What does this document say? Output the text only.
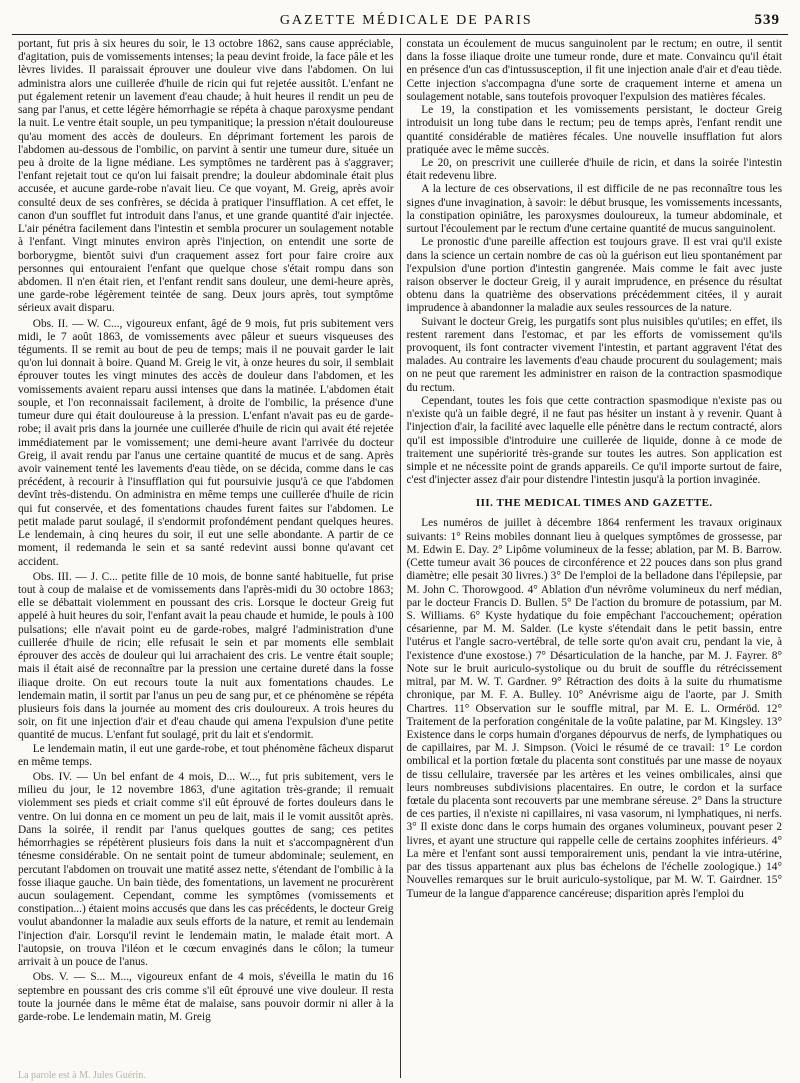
GAZETTE MÉDICALE DE PARIS	539

portant, fut pris à six heures du soir, le 13 octobre 1862, sans cause appréciable, d'agitation, puis de vomissements intenses; la peau devint froide, la face pâle et les lèvres livides. Il paraissait éprouver une douleur vive dans l'abdomen. On lui administra alors une cuillerée d'huile de ricin qui fut rejetée aussitôt. L'enfant ne put également retenir un lavement d'eau chaude; à huit heures il rendit un peu de sang par l'anus, et cette légère hémorrhagie se répéta à chaque paroxysme pendant la nuit. Le ventre était souple, un peu tympanitique; la pression n'était douloureuse qu'au moment des accès de douleurs. En déprimant fortement les parois de l'abdomen au-dessous de l'ombilic, on parvint à sentir une tumeur dure, située un peu à droite de la ligne médiane. Les symptômes ne tardèrent pas à s'aggraver; l'enfant rejetait tout ce qu'on lui faisait prendre; la douleur abdominale était plus accusée, et aucune garde-robe n'avait lieu. Ce que voyant, M. Greig, après avoir consulté deux de ses confrères, se décida à pratiquer l'insufflation. A cet effet, le canon d'un soufflet fut introduit dans l'anus, et une grande quantité d'air injectée. L'air pénétra facilement dans l'intestin et sembla procurer un soulagement notable à l'enfant. Vingt minutes environ après l'injection, on entendit une sorte de borborygme, bientôt suivi d'un craquement assez fort pour faire croire aux personnes qui entouraient l'enfant que quelque chose s'était rompu dans son abdomen. Il n'en était rien, et l'enfant rendit sans douleur, une demi-heure après, une garde-robe légèrement teintée de sang. Deux jours après, tout symptôme sérieux avait disparu.

Obs. II. — W. C..., vigoureux enfant, âgé de 9 mois, fut pris subitement vers midi, le 7 août 1863, de vomissements avec pâleur et sueurs visqueuses des téguments. Il se remit au bout de peu de temps; mais il ne pouvait garder le lait qu'on lui donnait à boire. Quand M. Greig le vit, à onze heures du soir, il semblait éprouver toutes les vingt minutes des accès de douleur dans l'abdomen, et les vomissements avaient reparu aussi intenses que dans la matinée. L'abdomen était souple, et l'on reconnaissait facilement, à droite de l'ombilic, la présence d'une tumeur dure qui était douloureuse à la pression. L'enfant n'avait pas eu de garde-robe; il avait pris dans la journée une cuillerée d'huile de ricin qui avait été rejetée immédiatement par le vomissement; une demi-heure avant l'arrivée du docteur Greig, il avait rendu par l'anus une certaine quantité de mucus et de sang. Après avoir vainement tenté les lavements d'eau tiède, on se décida, comme dans le cas précédent, à recourir à l'insufflation qui fut poursuivie jusqu'à ce que l'abdomen devînt très-distendu. On administra en même temps une cuillerée d'huile de ricin qui fut conservée, et des fomentations chaudes furent faites sur l'abdomen. Le petit malade parut soulagé, il s'endormit profondément pendant quelques heures. Le lendemain, à cinq heures du soir, il eut une selle abondante. A partir de ce moment, il redemanda le sein et sa santé redevint aussi bonne qu'avant cet accident.

Obs. III. — J. C... petite fille de 10 mois, de bonne santé habituelle, fut prise tout à coup de malaise et de vomissements dans l'après-midi du 30 octobre 1863; elle se débattait violemment en poussant des cris. Lorsque le docteur Greig fut appelé à huit heures du soir, l'enfant avait la peau chaude et humide, le pouls à 100 pulsations; elle n'avait point eu de garde-robes, malgré l'administration d'une cuillerée d'huile de ricin; elle refusait le sein et par moments elle semblait éprouver des accès de douleur qui lui arrachaient des cris. Le ventre était souple; mais il était aisé de reconnaître par la pression une certaine dureté dans la fosse iliaque droite. On eut recours toute la nuit aux fomentations chaudes. Le lendemain matin, il sortit par l'anus un peu de sang pur, et ce phénomène se répéta plusieurs fois dans la journée au moment des cris douloureux. A trois heures du soir, on fit une injection d'air et d'eau chaude qui amena l'expulsion d'une petite quantité de mucus. L'enfant fut soulagé, prit du lait et s'endormit.

Le lendemain matin, il eut une garde-robe, et tout phénomène fâcheux disparut en même temps.

Obs. IV. — Un bel enfant de 4 mois, D... W..., fut pris subitement, vers le milieu du jour, le 12 novembre 1863, d'une agitation très-grande; il remuait violemment ses pieds et criait comme s'il eût éprouvé de fortes douleurs dans le ventre. On lui donna en ce moment un peu de lait, mais il le vomit aussitôt après. Dans la soirée, il rendit par l'anus quelques gouttes de sang; ces petites hémorrhagies se répétèrent plusieurs fois dans la nuit et s'accompagnèrent d'un ténesme considérable. On ne sentait point de tumeur abdominale; seulement, en percutant l'abdomen on trouvait une matité assez nette, s'étendant de l'ombilic à la fosse iliaque gauche. Un bain tiède, des fomentations, un lavement ne procurèrent aucun soulagement. Cependant, comme les symptômes (vomissements et constipation...) étaient moins accusés que dans les cas précédents, le docteur Greig voulut abandonner la maladie aux seuls efforts de la nature, et remit au lendemain l'injection d'air. Lorsqu'il revint le lendemain matin, le malade était mort. A l'autopsie, on trouva l'iléon et le cœcum envaginés dans le côlon; la tumeur arrivait à un pouce de l'anus.

Obs. V. — S... M..., vigoureux enfant de 4 mois, s'éveilla le matin du 16 septembre en poussant des cris comme s'il eût éprouvé une vive douleur. Il resta toute la journée dans le même état de malaise, sans pouvoir dormir ni aller à la garde-robe. Le lendemain matin, M. Greig

constata un écoulement de mucus sanguinolent par le rectum; en outre, il sentit dans la fosse iliaque droite une tumeur ronde, dure et mate. Convaincu qu'il était en présence d'un cas d'intussusception, il fit une injection anale d'air et d'eau tiède. Cette injection s'accompagna d'une sorte de craquement interne et amena un soulagement notable, sans toutefois provoquer l'expulsion des matières fécales.

Le 19, la constipation et les vomissements persistant, le docteur Greig introduisit un long tube dans le rectum; peu de temps après, l'enfant rendit une quantité considérable de matières fécales. Une nouvelle insufflation fut alors pratiquée avec le même succès.

Le 20, on prescrivit une cuillerée d'huile de ricin, et dans la soirée l'intestin était redevenu libre.

A la lecture de ces observations, il est difficile de ne pas reconnaître tous les signes d'une invagination, à savoir: le début brusque, les vomissements incessants, la constipation opiniâtre, les paroxysmes douloureux, la tumeur abdominale, et surtout l'écoulement par le rectum d'une certaine quantité de mucus sanguinolent.

Le pronostic d'une pareille affection est toujours grave. Il est vrai qu'il existe dans la science un certain nombre de cas où la guérison eut lieu spontanément par l'expulsion d'une portion d'intestin gangrenée. Mais comme le fait avec juste raison observer le docteur Greig, il y aurait imprudence, en présence du résultat obtenu dans la quatrième des observations précédemment citées, il y aurait imprudence à abandonner la maladie aux seules ressources de la nature.

Suivant le docteur Greig, les purgatifs sont plus nuisibles qu'utiles; en effet, ils restent rarement dans l'estomac, et par les efforts de vomissement qu'ils provoquent, ils font contracter vivement l'intestin, et partant aggravent l'état des malades. Au contraire les lavements d'eau chaude procurent du soulagement; mais on ne peut que rarement les administrer en raison de la contraction spasmodique du rectum.

Cependant, toutes les fois que cette contraction spasmodique n'existe pas ou n'existe qu'à un faible degré, il ne faut pas hésiter un instant à y revenir. Quant à l'injection d'air, la facilité avec laquelle elle pénètre dans le rectum contracté, alors qu'il est impossible d'introduire une cuillerée de liquide, donne à ce mode de traitement une supériorité très-grande sur toutes les autres. Son application est simple et ne nécessite point de grands appareils. Ce qu'il importe surtout de faire, c'est d'injecter assez d'air pour distendre l'intestin jusqu'à la portion invaginée.

III. THE MEDICAL TIMES AND GAZETTE.

Les numéros de juillet à décembre 1864 renferment les travaux originaux suivants: 1° Reins mobiles donnant lieu à quelques symptômes de grossesse, par M. Edwin E. Day. 2° Lipôme volumineux de la fesse; ablation, par M. B. Barrow. (Cette tumeur avait 36 pouces de circonférence et 22 pouces dans son plus grand diamètre; elle pesait 30 livres.) 3° De l'emploi de la belladone dans l'épilepsie, par M. John C. Thorowgood. 4° Ablation d'un névrôme volumineux du nerf médian, par le docteur Francis D. Bullen. 5° De l'action du bromure de potassium, par M. S. Williams. 6° Kyste hydatique du foie empêchant l'accouchement; opération césarienne, par M. M. Salder. (Le kyste s'étendait dans le petit bassin, entre l'utérus et l'angle sacro-vertébral, de telle sorte qu'on avait cru, pendant la vie, à l'existence d'une exostose.) 7° Désarticulation de la hanche, par M. J. Fayrer. 8° Note sur le bruit auriculo-systolique ou du bruit de souffle du rétrécissement mitral, par M. W. T. Gardner. 9° Rétraction des doits à la suite du rhumatisme chronique, par M. F. A. Bulley. 10° Anévrisme aigu de l'aorte, par J. Smith Chartres. 11° Observation sur le souffle mitral, par M. E. L. Orméröd. 12° Traitement de la perforation congénitale de la voûte palatine, par M. Kingsley. 13° Existence dans le corps humain d'organes dépourvus de nerfs, de lymphatiques ou de capillaires, par M. J. Simpson. (Voici le résumé de ce travail: 1° Le cordon ombilical et la portion fœtale du placenta sont constitués par une masse de noyaux de tissu cellulaire, traversée par les artères et les veines ombilicales, ainsi que leurs nombreuses subdivisions placentaires. En outre, le cordon et la surface fœtale du placenta sont recouverts par une membrane séreuse. 2° Dans la structure de ces parties, il n'existe ni capillaires, ni vasa vasorum, ni lymphatiques, ni nerfs. 3° Il existe donc dans le corps humain des organes volumineux, pouvant peser 2 livres, et ayant une structure qui rappelle celle de certains zoophites inférieurs. 4° La mère et l'enfant sont aussi temporairement unis, pendant la vie intra-utérine, par des tissus appartenant aux plus bas échelons de l'échelle zoologique.) 14° Nouvelles remarques sur le bruit auriculo-systolique, par M. W. T. Gairdner. 15° Tumeur de la langue d'apparence cancéreuse; disparition après l'emploi du

La parole est à M. Jules Guérin.
